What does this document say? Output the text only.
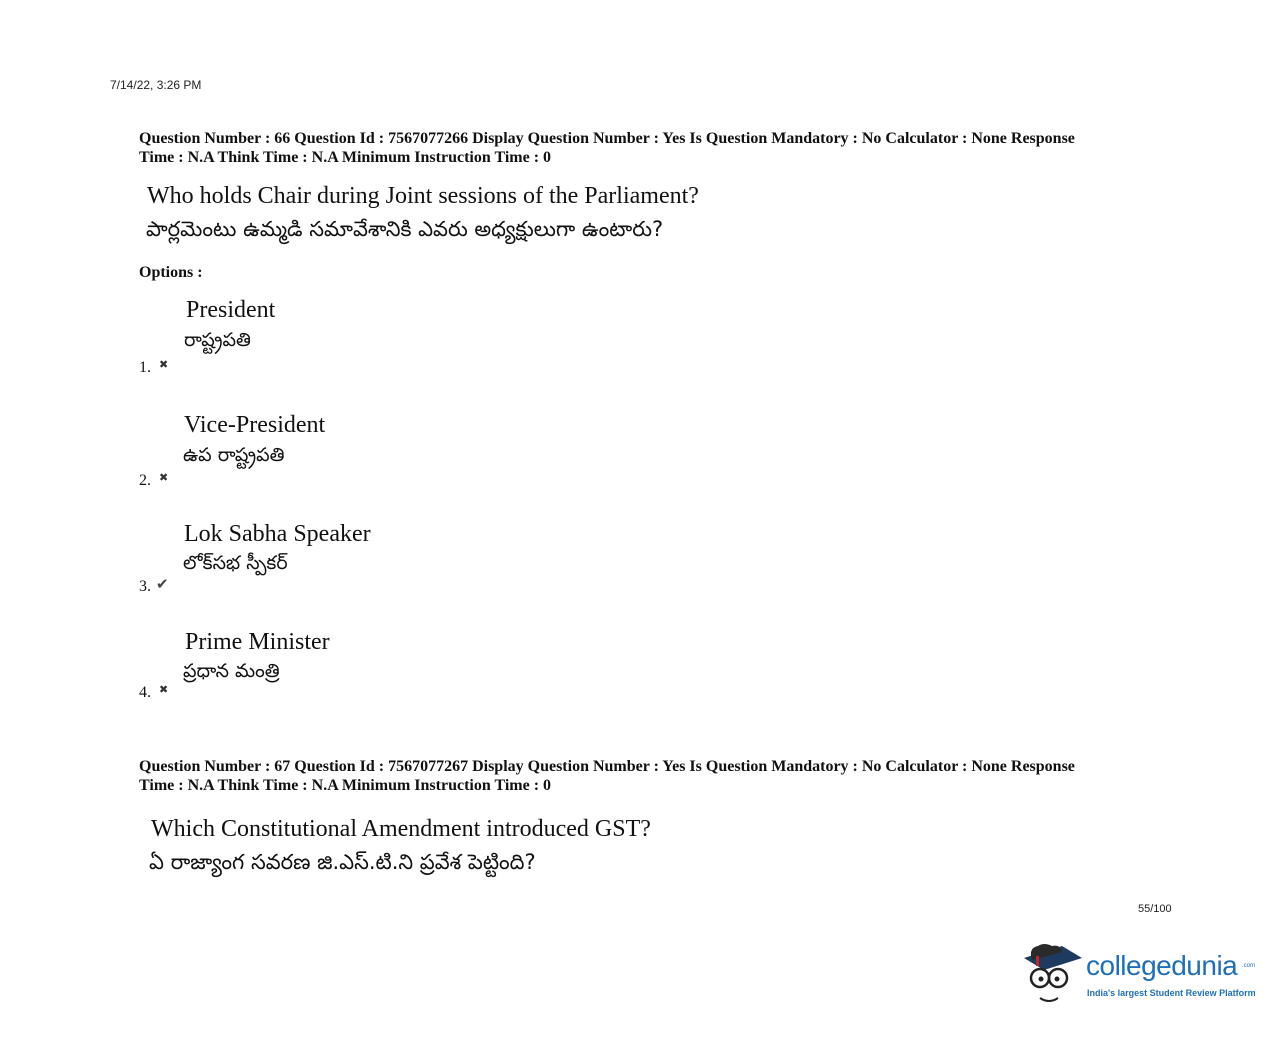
7/14/22, 3:26 PM
Question Number : 66 Question Id : 7567077266 Display Question Number : Yes Is Question Mandatory : No Calculator : None Response
Time : N.A Think Time : N.A Minimum Instruction Time : 0
Who holds Chair during Joint sessions of the Parliament?
పార్లమెంటు ఉమ్మడి సమావేశానికి ఎవరు అధ్యక్షులుగా ఉంటారు?
Options :
President
రాష్ట్రపతి
1. ✖
Vice-President
ఉప రాష్ట్రపతి
2. ✖
Lok Sabha Speaker
లోక్‌సభ స్పీకర్
3. ✔
Prime Minister
ప్రధాన మంత్రి
4. ✖
Question Number : 67 Question Id : 7567077267 Display Question Number : Yes Is Question Mandatory : No Calculator : None Response
Time : N.A Think Time : N.A Minimum Instruction Time : 0
Which Constitutional Amendment introduced GST?
ఏ రాజ్యాంగ సవరణ జి.ఎస్.టి.ని ప్రవేశ పెట్టింది?
55/100
collegedunia .com
India's largest Student Review Platform
